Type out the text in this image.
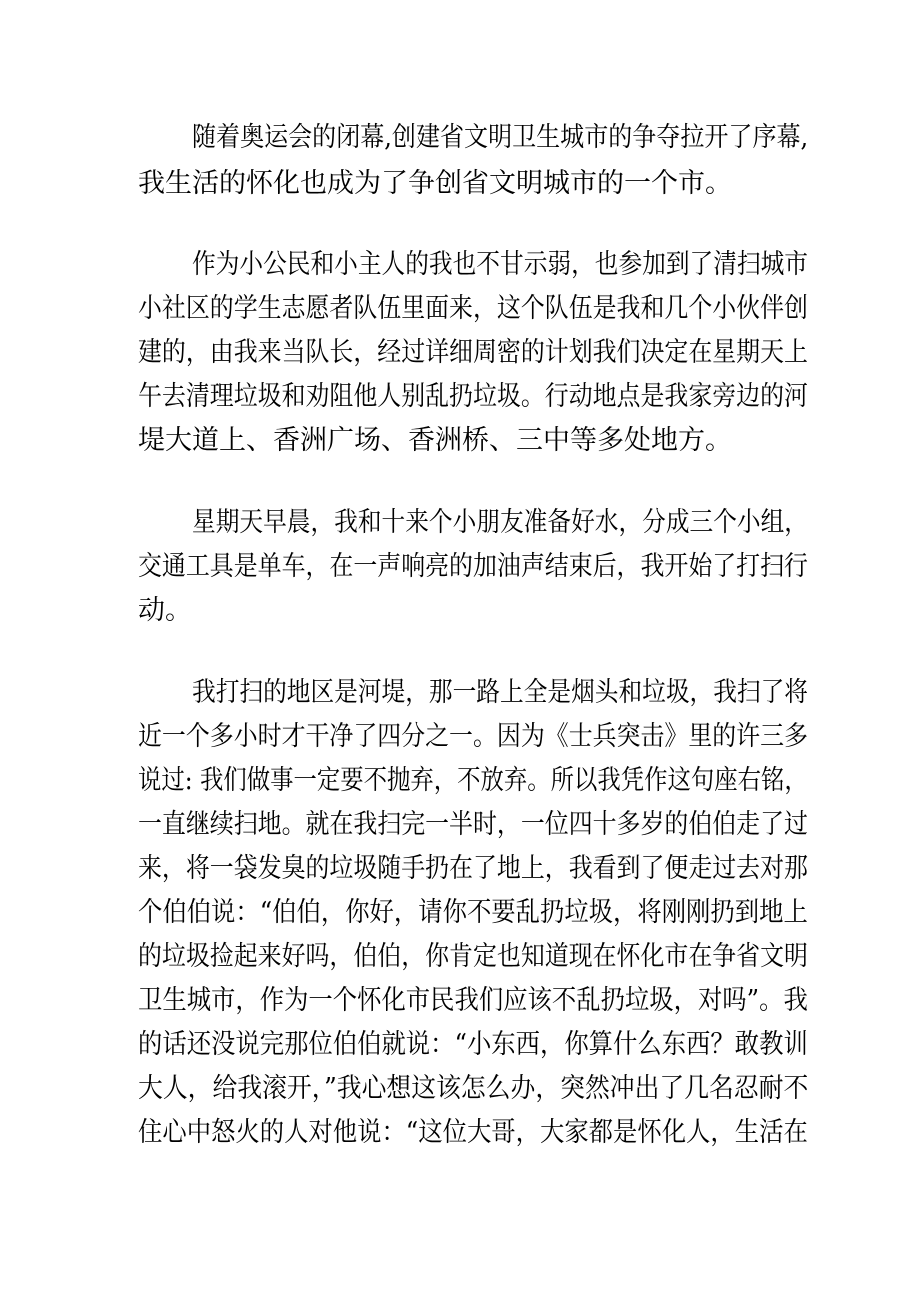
随着奥运会的闭幕,创建省文明卫生城市的争夺拉开了序幕,
我生活的怀化也成为了争创省文明城市的一个市。
作为小公民和小主人的我也不甘示弱，也参加到了清扫城市
小社区的学生志愿者队伍里面来，这个队伍是我和几个小伙伴创
建的，由我来当队长，经过详细周密的计划我们决定在星期天上
午去清理垃圾和劝阻他人别乱扔垃圾。行动地点是我家旁边的河
堤大道上、香洲广场、香洲桥、三中等多处地方。
星期天早晨，我和十来个小朋友准备好水，分成三个小组，
交通工具是单车，在一声响亮的加油声结束后，我开始了打扫行
动。
我打扫的地区是河堤，那一路上全是烟头和垃圾，我扫了将
近一个多小时才干净了四分之一。因为《士兵突击》里的许三多
说过: 我们做事一定要不抛弃，不放弃。所以我凭作这句座右铭，
一直继续扫地。就在我扫完一半时，一位四十多岁的伯伯走了过
来，将一袋发臭的垃圾随手扔在了地上，我看到了便走过去对那
个伯伯说：“伯伯，你好，请你不要乱扔垃圾，将刚刚扔到地上
的垃圾捡起来好吗，伯伯，你肯定也知道现在怀化市在争省文明
卫生城市，作为一个怀化市民我们应该不乱扔垃圾，对吗”。我
的话还没说完那位伯伯就说：“小东西，你算什么东西？敢教训
大人，给我滚开，”我心想这该怎么办，突然冲出了几名忍耐不
住心中怒火的人对他说：“这位大哥，大家都是怀化人，生活在
